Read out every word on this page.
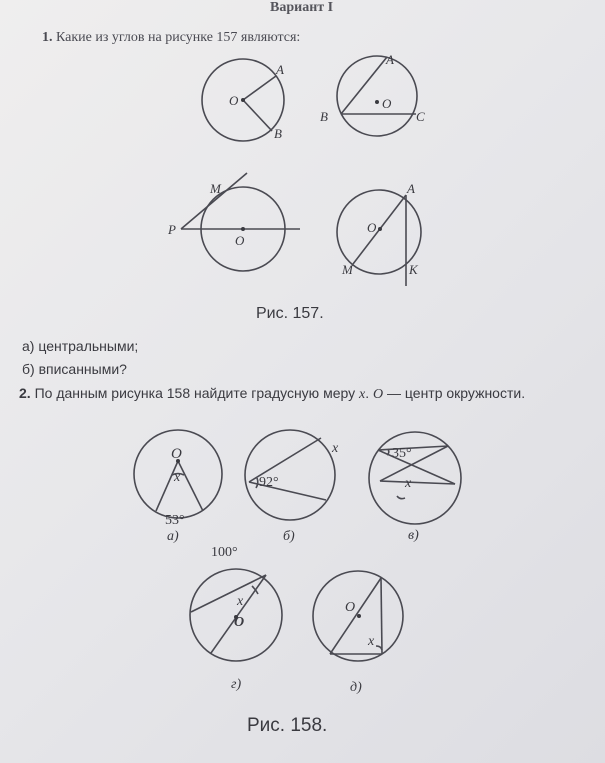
Вариант I
1. Какие из углов на рисунке 157 являются:
A
O
B
A
O
B	C
M
P
O
A
O
M	K
Рис. 157.
а) центральными;
б) вписанными?
2. По данным рисунка 158 найдите градусную меру x. O — центр окружности.
O
x
53°
а)
x
92°
б)
35°
x
в)
100°
x
O
г)
O
x
д)
Рис. 158.
